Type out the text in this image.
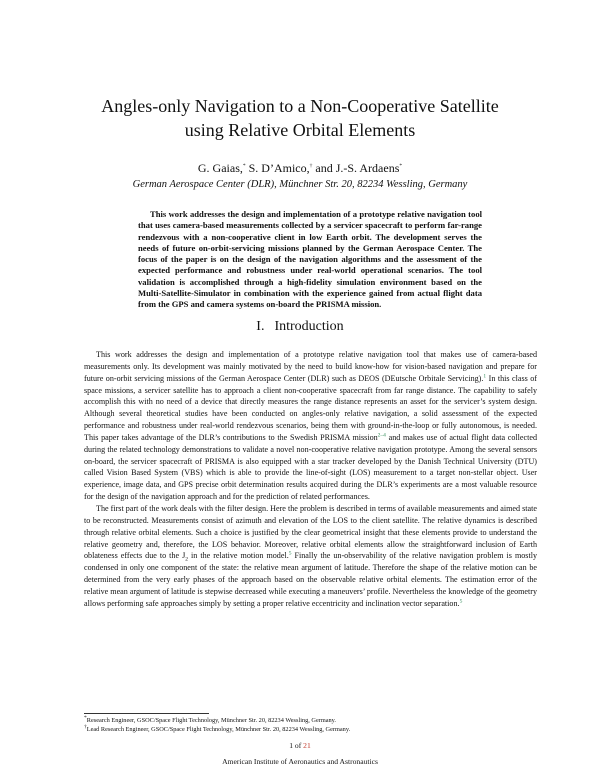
Angles-only Navigation to a Non-Cooperative Satellite
using Relative Orbital Elements
G. Gaias,* S. D’Amico,† and J.-S. Ardaens*
German Aerospace Center (DLR), Münchner Str. 20, 82234 Wessling, Germany
This work addresses the design and implementation of a prototype relative navigation tool that uses camera-based measurements collected by a servicer spacecraft to perform far-range rendezvous with a non-cooperative client in low Earth orbit. The development serves the needs of future on-orbit-servicing missions planned by the German Aerospace Center. The focus of the paper is on the design of the navigation algorithms and the assessment of the expected performance and robustness under real-world operational scenarios. The tool validation is accomplished through a high-fidelity simulation environment based on the Multi-Satellite-Simulator in combination with the experience gained from actual flight data from the GPS and camera systems on-board the PRISMA mission.
I. Introduction

This work addresses the design and implementation of a prototype relative navigation tool that makes use of camera-based measurements only. Its development was mainly motivated by the need to build know-how for vision-based navigation and prepare for future on-orbit servicing missions of the German Aerospace Center (DLR) such as DEOS (DEutsche Orbitale Servicing).$^1$ In this class of space missions, a servicer satellite has to approach a client non-cooperative spacecraft from far range distance. The capability to safely accomplish this with no need of a device that directly measures the range distance represents an asset for the servicer’s system design. Although several theoretical studies have been conducted on angles-only relative navigation, a solid assessment of the expected performance and robustness under real-world rendezvous scenarios, being them with ground-in-the-loop or fully autonomous, is needed. This paper takes advantage of the DLR’s contributions to the Swedish PRISMA mission$^{2-4}$ and makes use of actual flight data collected during the related technology demonstrations to validate a novel non-cooperative relative navigation prototype. Among the several sensors on-board, the servicer spacecraft of PRISMA is also equipped with a star tracker developed by the Danish Technical University (DTU) called Vision Based System (VBS) which is able to provide the line-of-sight (LOS) measurement to a target non-stellar object. User experience, image data, and GPS precise orbit determination results acquired during the DLR’s experiments are a most valuable resource for the design of the navigation approach and for the prediction of related performances.

The first part of the work deals with the filter design. Here the problem is described in terms of available measurements and aimed state to be reconstructed. Measurements consist of azimuth and elevation of the LOS to the client satellite. The relative dynamics is described through relative orbital elements. Such a choice is justified by the clear geometrical insight that these elements provide to understand the relative geometry and, therefore, the LOS behavior. Moreover, relative orbital elements allow the straightforward inclusion of Earth oblateness effects due to the $J_2$ in the relative motion model.$^5$ Finally the un-observability of the relative navigation problem is mostly condensed in only one component of the state: the relative mean argument of latitude. Therefore the shape of the relative motion can be determined from the very early phases of the approach based on the observable relative orbital elements. The estimation error of the relative mean argument of latitude is stepwise decreased while executing a maneuvers’ profile. Nevertheless the knowledge of the geometry allows performing safe approaches simply by setting a proper relative eccentricity and inclination vector separation.$^5$

*Research Engineer, GSOC/Space Flight Technology, Münchner Str. 20, 82234 Wessling, Germany.
†Lead Research Engineer, GSOC/Space Flight Technology, Münchner Str. 20, 82234 Wessling, Germany.
1 of 21
American Institute of Aeronautics and Astronautics
